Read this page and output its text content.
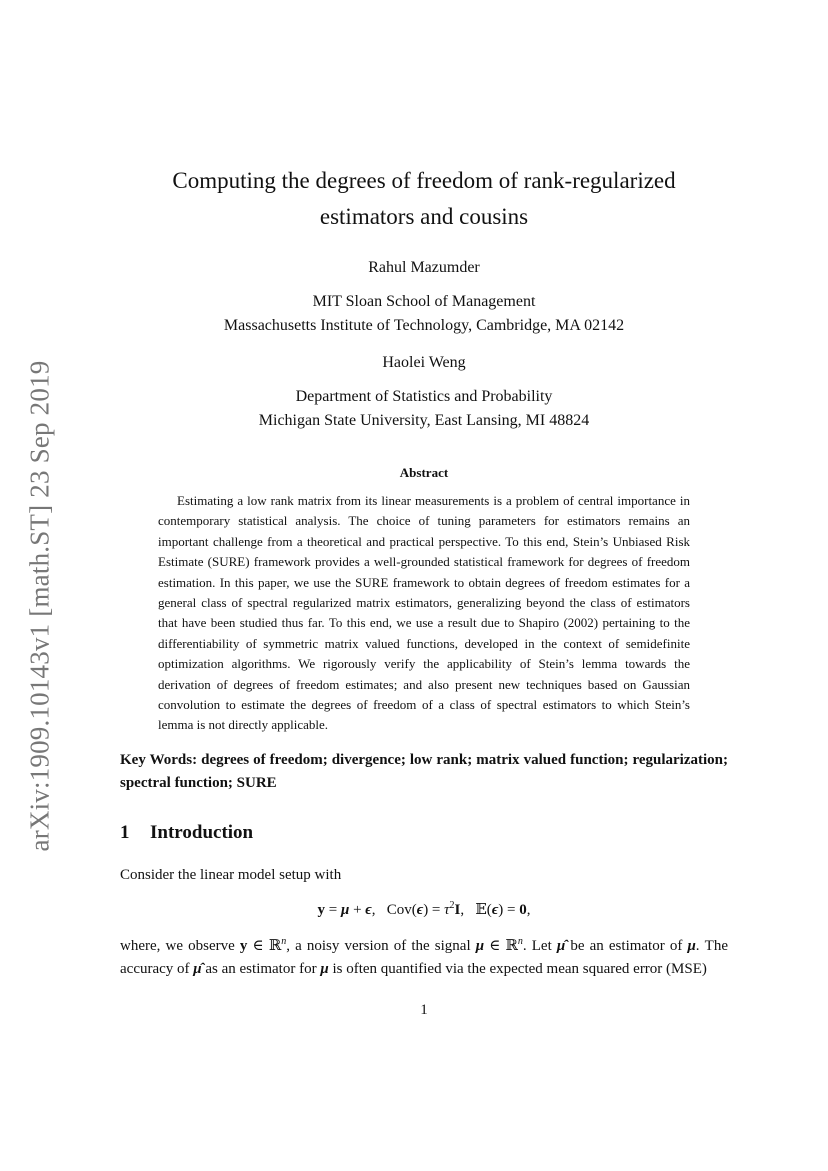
arXiv:1909.10143v1 [math.ST] 23 Sep 2019
Computing the degrees of freedom of rank-regularized
estimators and cousins
Rahul Mazumder
MIT Sloan School of Management
Massachusetts Institute of Technology, Cambridge, MA 02142
Haolei Weng
Department of Statistics and Probability
Michigan State University, East Lansing, MI 48824
Abstract
Estimating a low rank matrix from its linear measurements is a problem of central importance in contemporary statistical analysis. The choice of tuning parameters for estimators remains an important challenge from a theoretical and practical perspective. To this end, Stein’s Unbiased Risk Estimate (SURE) framework provides a well-grounded statistical framework for degrees of freedom estimation. In this paper, we use the SURE framework to obtain degrees of freedom estimates for a general class of spectral regularized matrix estimators, generalizing beyond the class of estimators that have been studied thus far. To this end, we use a result due to Shapiro (2002) pertaining to the differentiability of symmetric matrix valued functions, developed in the context of semidefinite optimization algorithms. We rigorously verify the applicability of Stein’s lemma towards the derivation of degrees of freedom estimates; and also present new techniques based on Gaussian convolution to estimate the degrees of freedom of a class of spectral estimators to which Stein’s lemma is not directly applicable.
Key Words: degrees of freedom; divergence; low rank; matrix valued function; regularization; spectral function; SURE
1 Introduction
Consider the linear model setup with
y = μ + ϵ,   $Cov(\epsilon) = \tau^2I$,   𝔼(ϵ) = 0,
where, we observe y ∈ ℝ$^n$, a noisy version of the signal μ ∈ ℝ$^n$. Let μ̂ be an estimator of μ. The accuracy of μ̂ as an estimator for μ is often quantified via the expected mean squared error (MSE)
1
